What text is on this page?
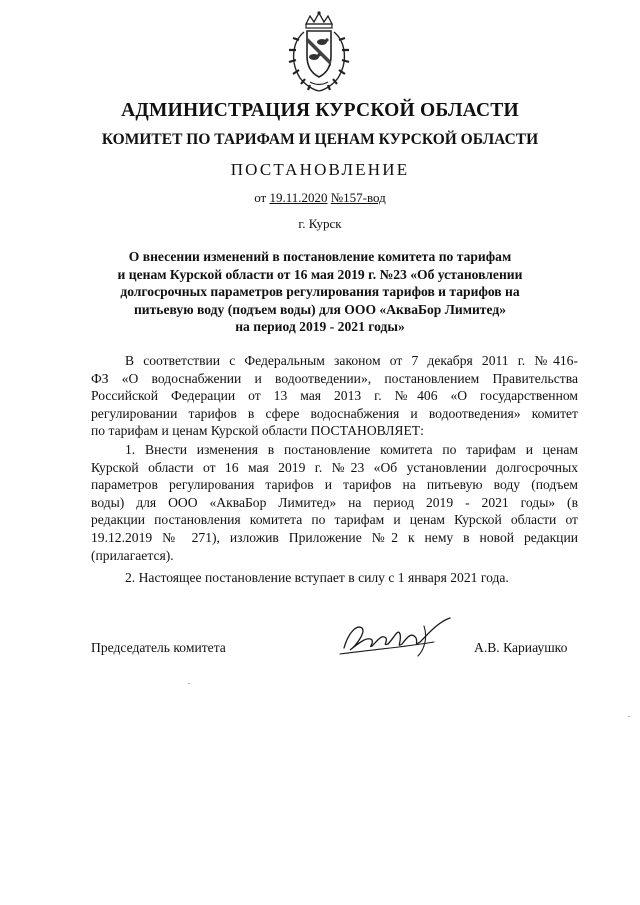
АДМИНИСТРАЦИЯ КУРСКОЙ ОБЛАСТИ
КОМИТЕТ ПО ТАРИФАМ И ЦЕНАМ КУРСКОЙ ОБЛАСТИ
ПОСТАНОВЛЕНИЕ
от 19.11.2020 №157-вод
г. Курск
О внесении изменений в постановление комитета по тарифам
и ценам Курской области от 16 мая 2019 г. №23 «Об установлении
долгосрочных параметров регулирования тарифов и тарифов на
питьевую воду (подъем воды) для ООО «АкваБор Лимитед»
на период 2019 - 2021 годы»
В соответствии с Федеральным законом от 7 декабря 2011 г. №416-
ФЗ «О водоснабжении и водоотведении», постановлением Правительства
Российской Федерации от 13 мая 2013 г. №406 «О государственном
регулировании тарифов в сфере водоснабжения и водоотведения» комитет
по тарифам и ценам Курской области ПОСТАНОВЛЯЕТ:
1. Внести изменения в постановление комитета по тарифам и ценам
Курской области от 16 мая 2019 г. №23 «Об установлении долгосрочных
параметров регулирования тарифов и тарифов на питьевую воду (подъем
воды) для ООО «АкваБор Лимитед» на период 2019 - 2021 годы» (в
редакции постановления комитета по тарифам и ценам Курской области от
19.12.2019 № 271), изложив Приложение №2 к нему в новой редакции
(прилагается).
2. Настоящее постановление вступает в силу с 1 января 2021 года.
Председатель комитета	А.В. Кариаушко
